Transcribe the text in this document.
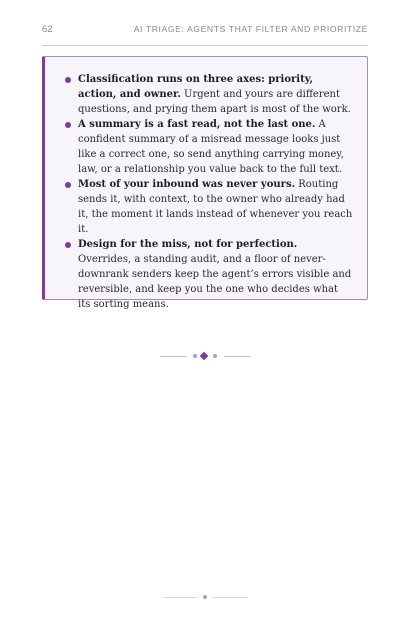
62	AI TRIAGE: AGENTS THAT FILTER AND PRIORITIZE
Classification runs on three axes: priority, action, and owner. Urgent and yours are different questions, and prying them apart is most of the work.
A summary is a fast read, not the last one. A confident summary of a misread message looks just like a correct one, so send anything carrying money, law, or a relationship you value back to the full text.
Most of your inbound was never yours. Routing sends it, with context, to the owner who already had it, the moment it lands instead of whenever you reach it.
Design for the miss, not for perfection. Overrides, a standing audit, and a floor of never-downrank senders keep the agent’s errors visible and reversible, and keep you the one who decides what its sorting means.
